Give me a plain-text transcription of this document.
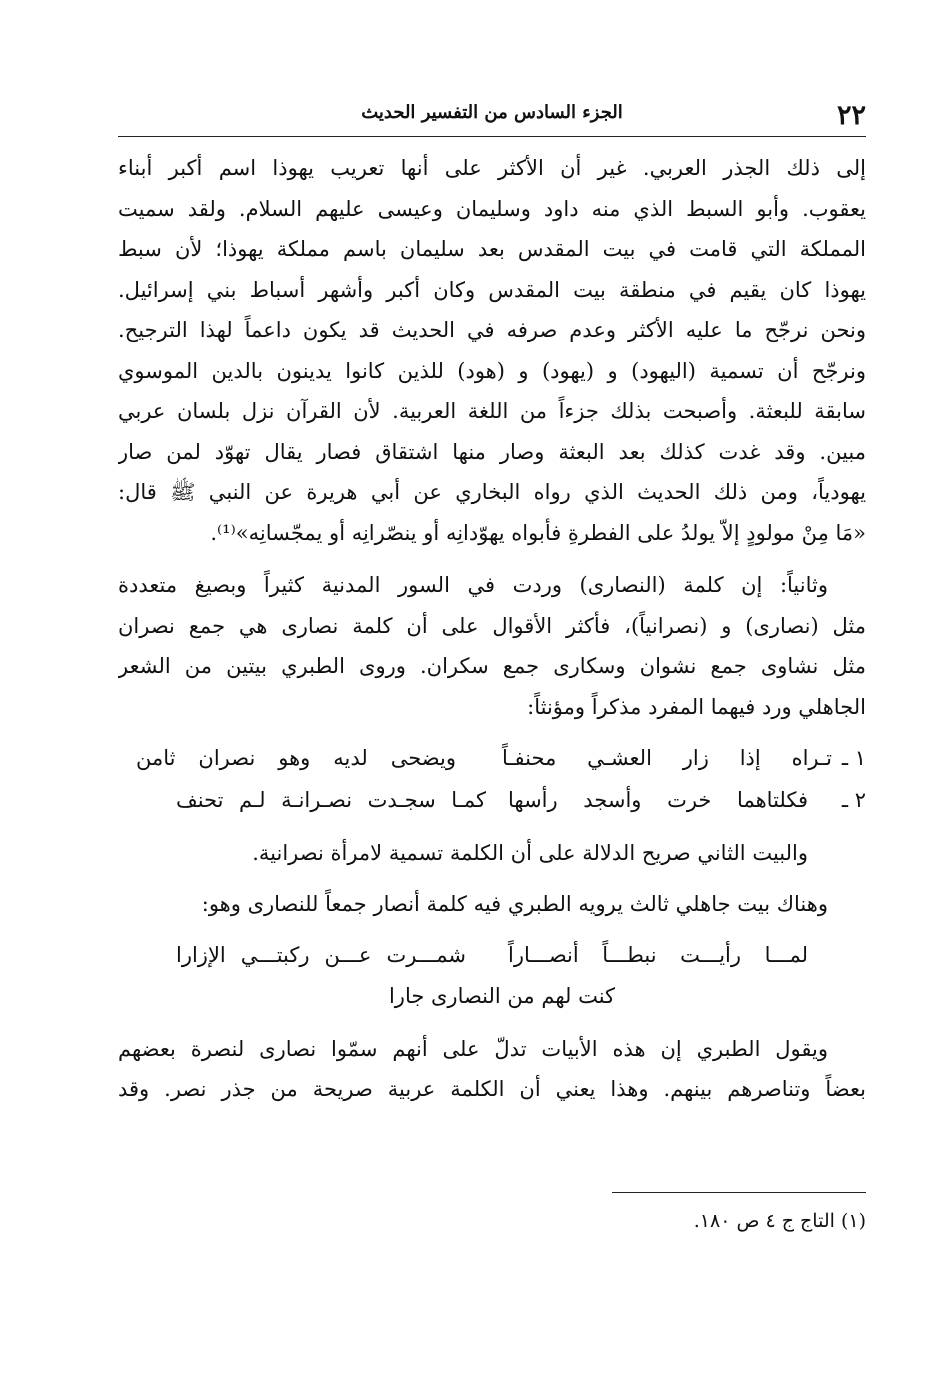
٢٢
الجزء السادس من التفسير الحديث
إلى ذلك الجذر العربي. غير أن الأكثر على أنها تعريب يهوذا اسم أكبر أبناء
يعقوب. وأبو السبط الذي منه داود وسليمان وعيسى عليهم السلام. ولقد سميت
المملكة التي قامت في بيت المقدس بعد سليمان باسم مملكة يهوذا؛ لأن سبط
يهوذا كان يقيم في منطقة بيت المقدس وكان أكبر وأشهر أسباط بني إسرائيل.
ونحن نرجّح ما عليه الأكثر وعدم صرفه في الحديث قد يكون داعماً لهذا الترجيح.
ونرجّح أن تسمية (اليهود) و (يهود) و (هود) للذين كانوا يدينون بالدين الموسوي
سابقة للبعثة. وأصبحت بذلك جزءاً من اللغة العربية. لأن القرآن نزل بلسان عربي
مبين. وقد غدت كذلك بعد البعثة وصار منها اشتقاق فصار يقال تهوّد لمن صار
يهودياً، ومن ذلك الحديث الذي رواه البخاري عن أبي هريرة عن النبي ﷺ قال:
«مَا مِنْ مولودٍ إلاّ يولدُ على الفطرةِ فأبواه يهوّدانِه أو ينصّرانِه أو يمجّسانِه»⁽¹⁾.
وثانياً: إن كلمة (النصارى) وردت في السور المدنية كثيراً وبصيغ متعددة
مثل (نصارى) و (نصرانياً)، فأكثر الأقوال على أن كلمة نصارى هي جمع نصران
مثل نشاوى جمع نشوان وسكارى جمع سكران. وروى الطبري بيتين من الشعر
الجاهلي ورد فيهما المفرد مذكراً ومؤنثاً:
١ ـ
تـراه إذا زار العشـي محنفـاً
ويضحى لديه وهو نصران ثامن
٢ ـ
فكلتاهما خرت وأسجد رأسها
كمـا سجـدت نصـرانـة لـم تحنف
والبيت الثاني صريح الدلالة على أن الكلمة تسمية لامرأة نصرانية.
وهناك بيت جاهلي ثالث يرويه الطبري فيه كلمة أنصار جمعاً للنصارى وهو:
لمـــا رأيـــت نبطـــاً أنصـــاراً
شمـــرت عـــن ركبتـــي الإزارا
كنت لهم من النصارى جارا
ويقول الطبري إن هذه الأبيات تدلّ على أنهم سمّوا نصارى لنصرة بعضهم
بعضاً وتناصرهم بينهم. وهذا يعني أن الكلمة عربية صريحة من جذر نصر. وقد
(١) التاج ج ٤ ص ١٨٠.
